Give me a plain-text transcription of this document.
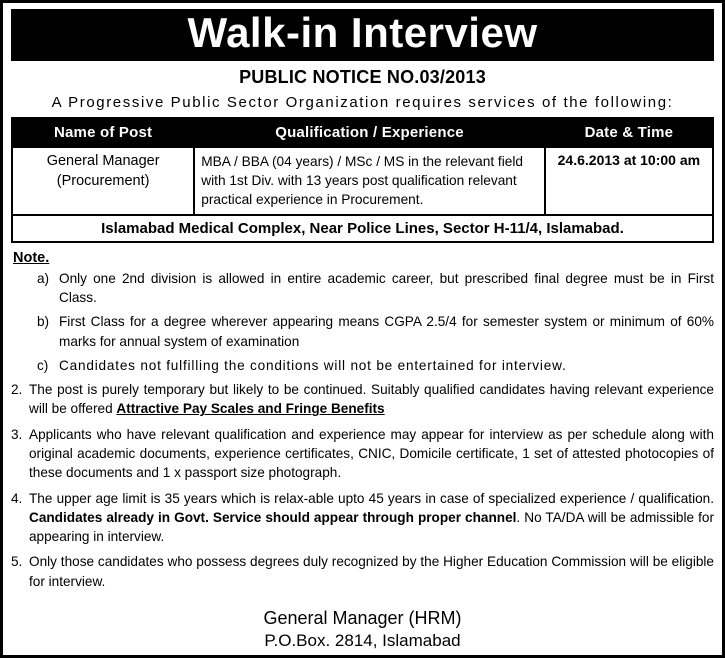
Walk-in Interview
PUBLIC NOTICE NO.03/2013
A Progressive Public Sector Organization requires services of the following:
Name of Post	Qualification / Experience	Date & Time

General Manager
(Procurement)	MBA / BBA (04 years) / MSc / MS in the relevant field with 1st Div. with 13 years post qualification relevant practical experience in Procurement.	24.6.2013 at 10:00 am
Islamabad Medical Complex, Near Police Lines, Sector H-11/4, Islamabad.		
Note.
a) Only one 2nd division is allowed in entire academic career, but prescribed final degree must be in First Class.
b) First Class for a degree wherever appearing means CGPA 2.5/4 for semester system or minimum of 60% marks for annual system of examination
c) Candidates not fulfilling the conditions will not be entertained for interview.
2. The post is purely temporary but likely to be continued. Suitably qualified candidates having relevant experience will be offered Attractive Pay Scales and Fringe Benefits
3. Applicants who have relevant qualification and experience may appear for interview as per schedule along with original academic documents, experience certificates, CNIC, Domicile certificate, 1 set of attested photocopies of these documents and 1 x passport size photograph.
4. The upper age limit is 35 years which is relax-able upto 45 years in case of specialized experience / qualification. Candidates already in Govt. Service should appear through proper channel. No TA/DA will be admissible for appearing in interview.
5. Only those candidates who possess degrees duly recognized by the Higher Education Commission will be eligible for interview.
General Manager (HRM)
P.O.Box. 2814, Islamabad
